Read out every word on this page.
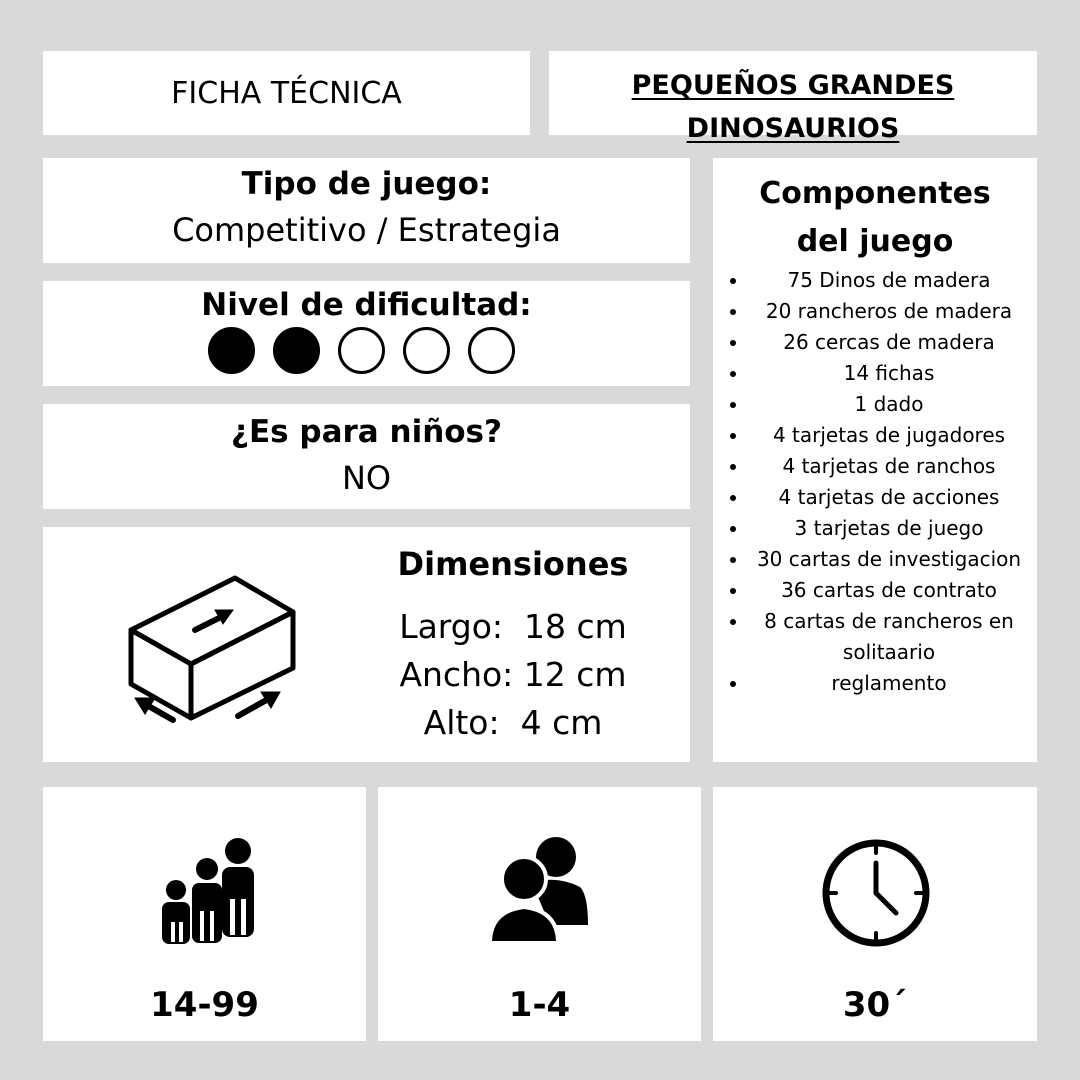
FICHA TÉCNICA	PEQUEÑOS GRANDES
DINOSAURIOS
Tipo de juego:
Competitivo / Estrategia
Nivel de dificultad:
¿Es para niños?
NO
Dimensiones
Largo:  18 cm
Ancho: 12 cm
Alto:  4 cm
Componentes
del juego
75 Dinos de madera
20 rancheros de madera
26 cercas de madera
14 fichas
1 dado
4 tarjetas de jugadores
4 tarjetas de ranchos
4 tarjetas de acciones
3 tarjetas de juego
30 cartas de investigacion
36 cartas de contrato
8 cartas de rancheros en solitaario
reglamento
14-99	1-4	30´
